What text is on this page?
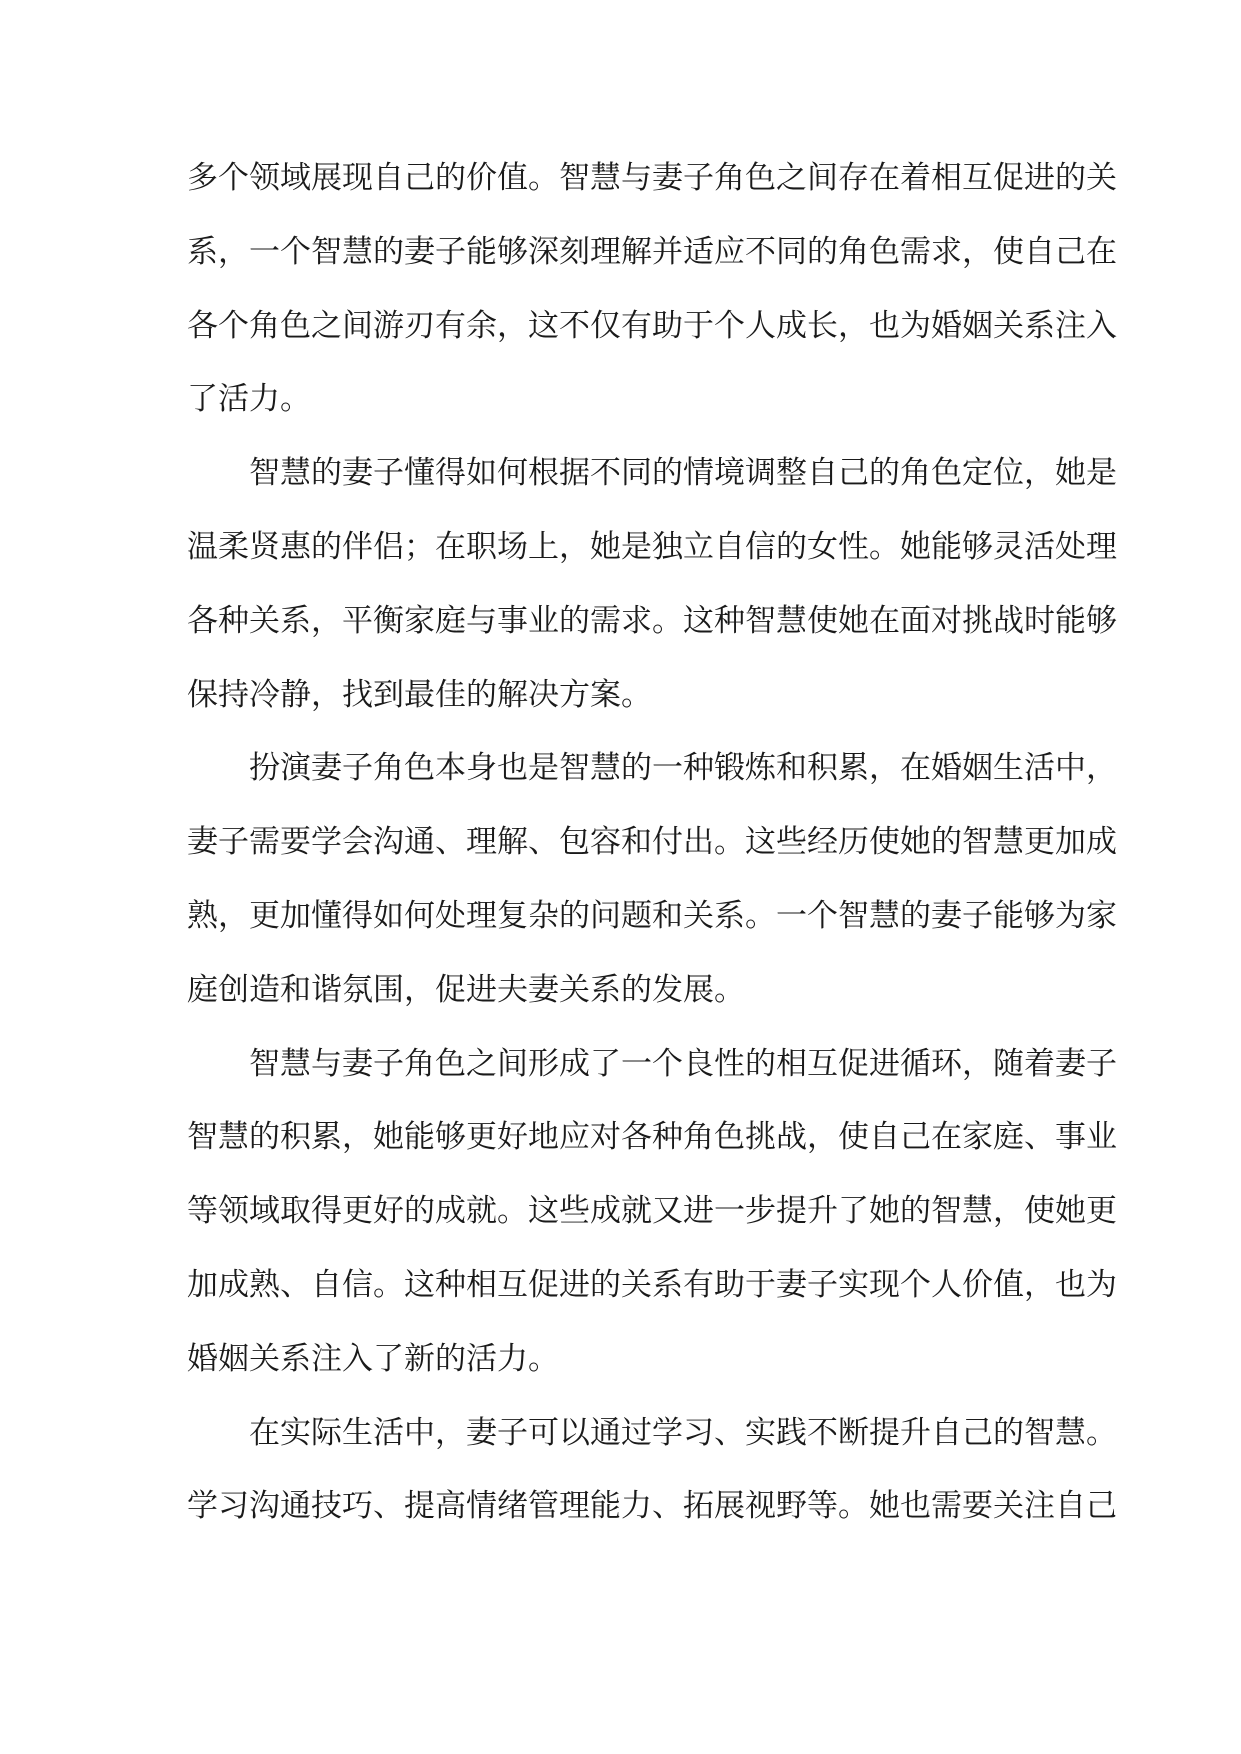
多个领域展现自己的价值。智慧与妻子角色之间存在着相互促进的关
系，一个智慧的妻子能够深刻理解并适应不同的角色需求，使自己在
各个角色之间游刃有余，这不仅有助于个人成长，也为婚姻关系注入
了活力。
智慧的妻子懂得如何根据不同的情境调整自己的角色定位，她是
温柔贤惠的伴侣；在职场上，她是独立自信的女性。她能够灵活处理
各种关系，平衡家庭与事业的需求。这种智慧使她在面对挑战时能够
保持冷静，找到最佳的解决方案。
扮演妻子角色本身也是智慧的一种锻炼和积累，在婚姻生活中，
妻子需要学会沟通、理解、包容和付出。这些经历使她的智慧更加成
熟，更加懂得如何处理复杂的问题和关系。一个智慧的妻子能够为家
庭创造和谐氛围，促进夫妻关系的发展。
智慧与妻子角色之间形成了一个良性的相互促进循环，随着妻子
智慧的积累，她能够更好地应对各种角色挑战，使自己在家庭、事业
等领域取得更好的成就。这些成就又进一步提升了她的智慧，使她更
加成熟、自信。这种相互促进的关系有助于妻子实现个人价值，也为
婚姻关系注入了新的活力。
在实际生活中，妻子可以通过学习、实践不断提升自己的智慧。
学习沟通技巧、提高情绪管理能力、拓展视野等。她也需要关注自己
